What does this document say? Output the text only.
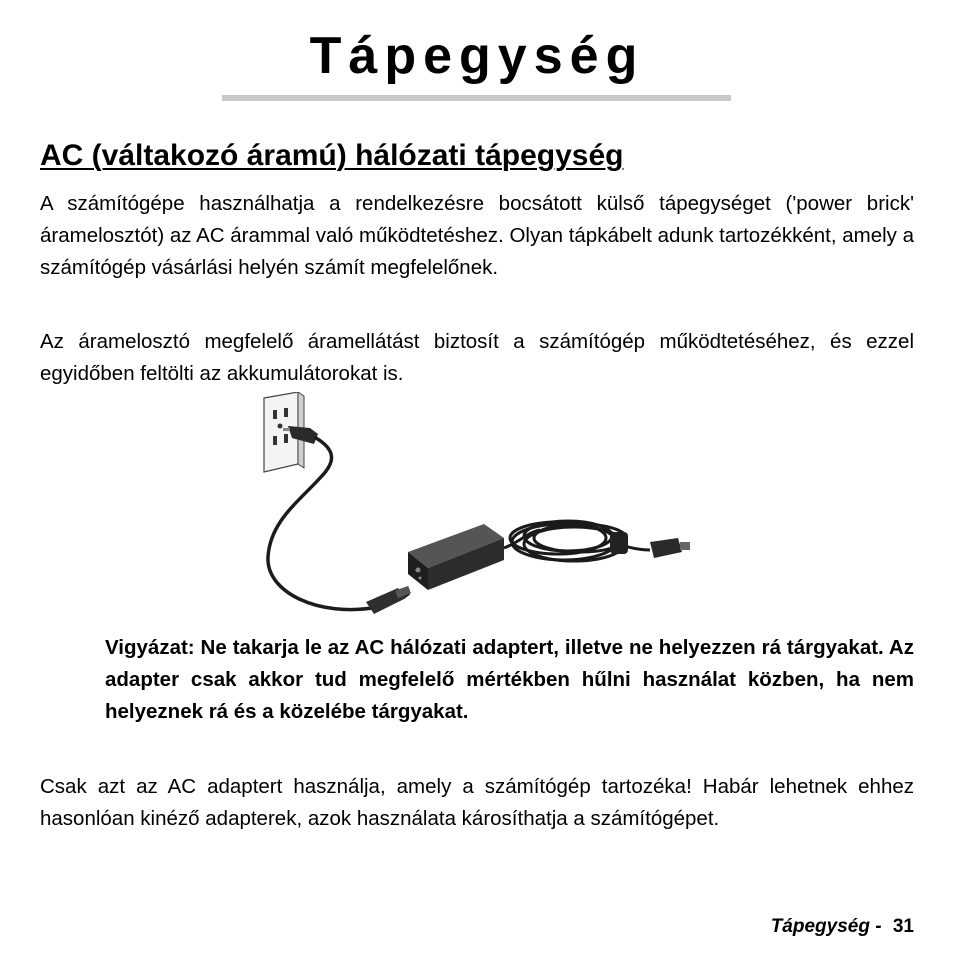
Tápegység
AC (váltakozó áramú) hálózati tápegység

A számítógépe használhatja a rendelkezésre bocsátott külső tápegységet ('power brick' áramelosztót) az AC árammal való működtetéshez. Olyan tápkábelt adunk tartozékként, amely a számítógép vásárlási helyén számít megfelelőnek.

Az áramelosztó megfelelő áramellátást biztosít a számítógép működtetéséhez, és ezzel egyidőben feltölti az akkumulátorokat is.

Vigyázat: Ne takarja le az AC hálózati adaptert, illetve ne helyezzen rá tárgyakat. Az adapter csak akkor tud megfelelő mértékben hűlni használat közben, ha nem helyeznek rá és a közelébe tárgyakat.

Csak azt az AC adaptert használja, amely a számítógép tartozéka! Habár lehetnek ehhez hasonlóan kinéző adapterek, azok használata károsíthatja a számítógépet.

Tápegység - 31
